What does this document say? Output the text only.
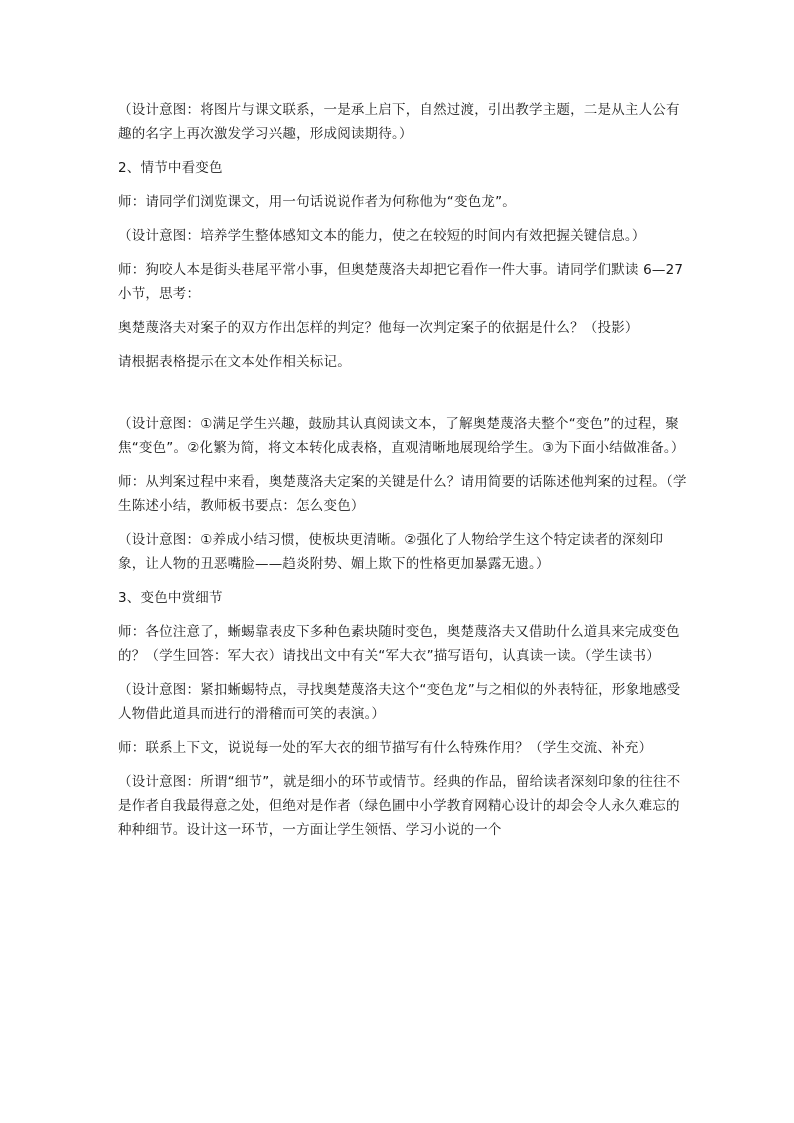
（设计意图：将图片与课文联系，一是承上启下，自然过渡，引出教学主题，二是从主人公有趣的名字上再次激发学习兴趣，形成阅读期待。）

2、情节中看变色

师：请同学们浏览课文，用一句话说说作者为何称他为“变色龙”。

（设计意图：培养学生整体感知文本的能力，使之在较短的时间内有效把握关键信息。）

师：狗咬人本是街头巷尾平常小事，但奥楚蔑洛夫却把它看作一件大事。请同学们默读 6—27 小节，思考：

奥楚蔑洛夫对案子的双方作出怎样的判定？他每一次判定案子的依据是什么？（投影）

请根据表格提示在文本处作相关标记。

（设计意图：①满足学生兴趣，鼓励其认真阅读文本，了解奥楚蔑洛夫整个“变色”的过程，聚焦“变色”。②化繁为简，将文本转化成表格，直观清晰地展现给学生。③为下面小结做准备。）

师：从判案过程中来看，奥楚蔑洛夫定案的关键是什么？请用简要的话陈述他判案的过程。（学生陈述小结，教师板书要点：怎么变色）

（设计意图：①养成小结习惯，使板块更清晰。②强化了人物给学生这个特定读者的深刻印象，让人物的丑恶嘴脸——趋炎附势、媚上欺下的性格更加暴露无遗。）

3、变色中赏细节

师：各位注意了，蜥蜴靠表皮下多种色素块随时变色，奥楚蔑洛夫又借助什么道具来完成变色的？（学生回答：军大衣）请找出文中有关“军大衣”描写语句，认真读一读。（学生读书）

（设计意图：紧扣蜥蜴特点，寻找奥楚蔑洛夫这个“变色龙”与之相似的外表特征，形象地感受人物借此道具而进行的滑稽而可笑的表演。）

师：联系上下文，说说每一处的军大衣的细节描写有什么特殊作用？（学生交流、补充）

（设计意图：所谓“细节”，就是细小的环节或情节。经典的作品，留给读者深刻印象的往往不是作者自我最得意之处，但绝对是作者（绿色圃中小学教育网精心设计的却会令人永久难忘的种种细节。设计这一环节，一方面让学生领悟、学习小说的一个
